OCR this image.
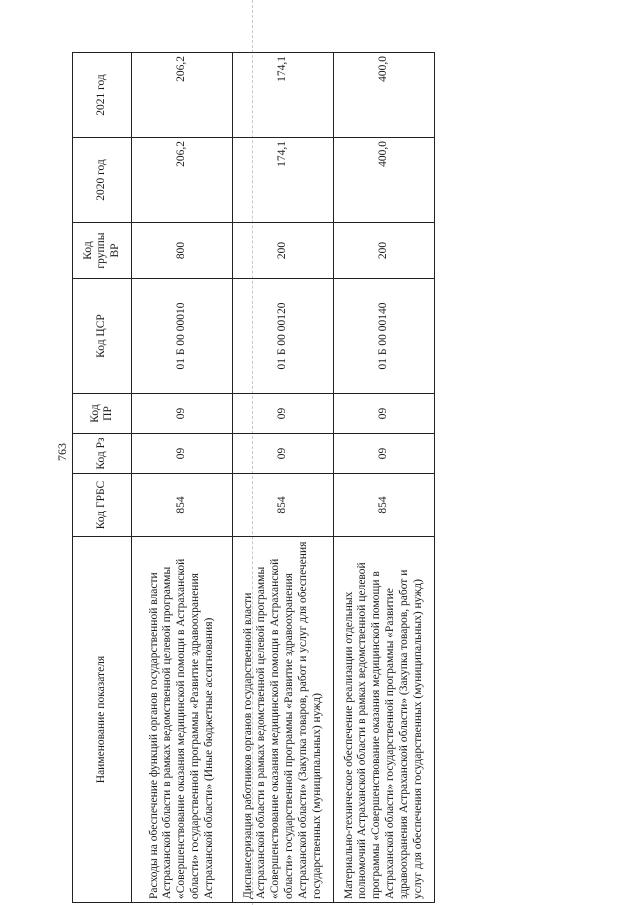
763
Наименование показателя	Код ГРБС	Код Рз	Код ПР	Код ЦСР	Код группы ВР	2020 год	2021 год
Расходы на обеспечение функций органов государственной власти Астраханской области в рамках ведомственной целевой программы «Совершенствование оказания медицинской помощи в Астраханской области» государственной программы «Развитие здравоохранения Астраханской области» (Иные бюджетные ассигнования)	854	09	09	01 Б 00 00010	800	206,2	206,2
Диспансеризация работников органов государственной власти Астраханской области в рамках ведомственной целевой программы «Совершенствование оказания медицинской помощи в Астраханской области» государственной программы «Развитие здравоохранения Астраханской области» (Закупка товаров, работ и услуг для обеспечения государственных (муниципальных) нужд)	854	09	09	01 Б 00 00120	200	174,1	174,1
Материально-техническое обеспечение реализации отдельных полномочий Астраханской области в рамках ведомственной целевой программы «Совершенствование оказания медицинской помощи в Астраханской области» государственной программы «Развитие здравоохранения Астраханской области» (Закупка товаров, работ и услуг для обеспечения государственных (муниципальных) нужд)	854	09	09	01 Б 00 00140	200	400,0	400,0
